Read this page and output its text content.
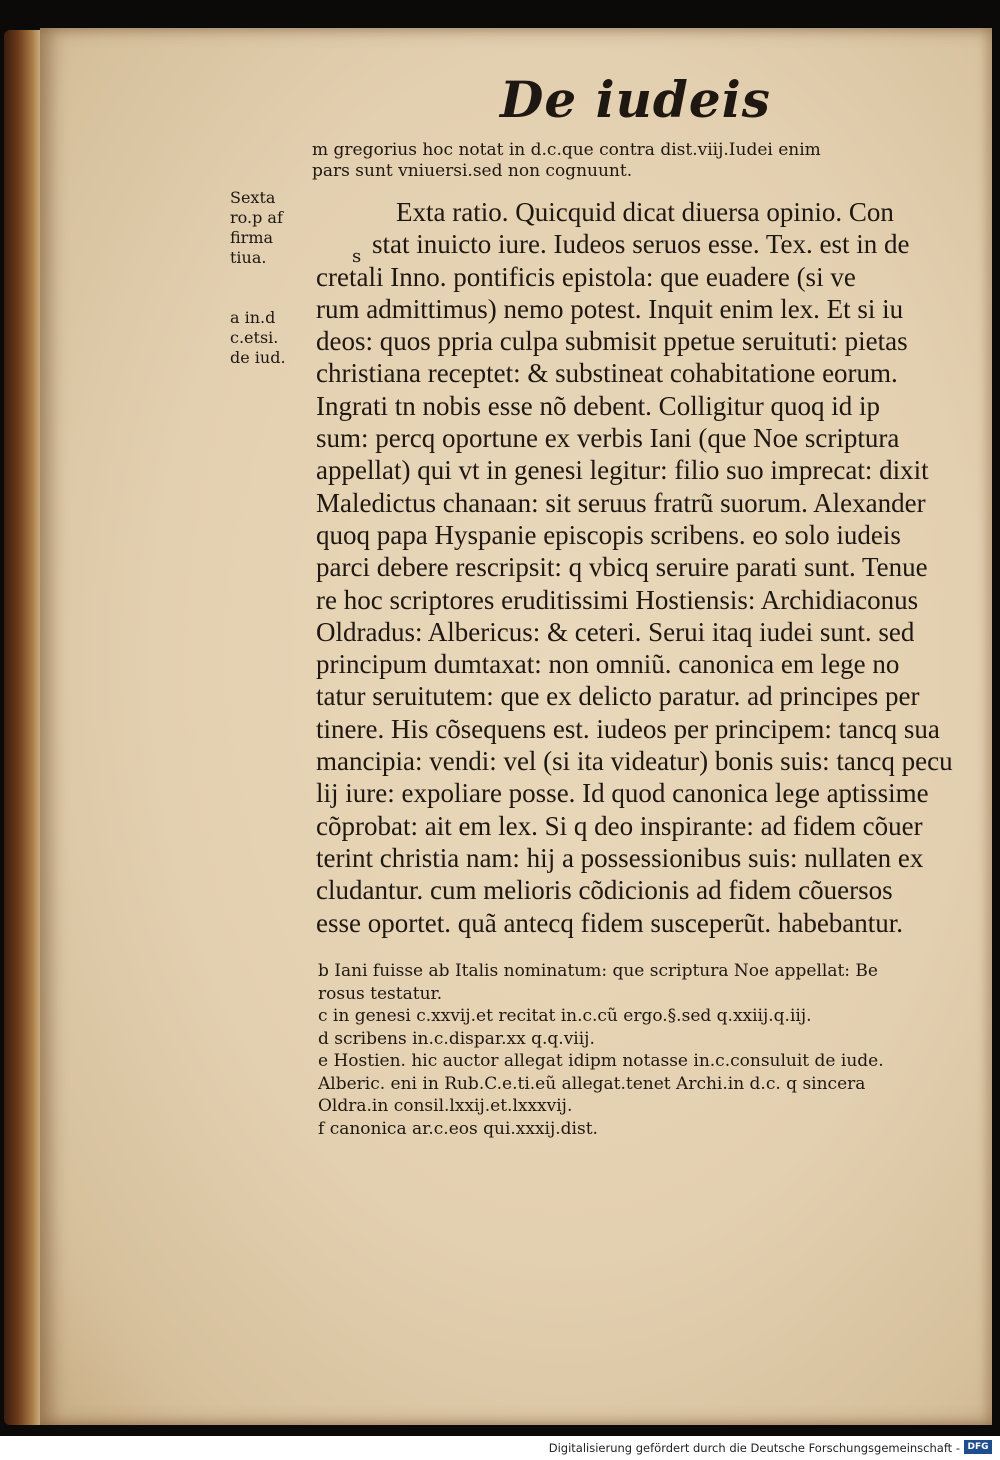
De iudeis
m gregorius hoc notat in d.c.que contra dist.viij.Iudei enim
pars sunt vniuersi.sed non cognuunt.
Sexta
ro.p af
firma
tiua.
a in.d
c.etsi.
de iud.
s
Exta ratio. Quicquid dicat diuersa opinio. Con
stat inuicto iure. Iudeos seruos esse. Tex. est in de
cretali Inno. pontificis epistola: que euadere (si ve
rum admittimus) nemo potest. Inquit enim lex. Et si iu
deos: quos ppria culpa submisit ppetue seruituti: pietas
christiana receptet: & substineat cohabitatione eorum.
Ingrati tn nobis esse nõ debent. Colligitur quoq id ip
sum: percq oportune ex verbis Iani (que Noe scriptura
appellat) qui vt in genesi legitur: filio suo imprecat: dixit
Maledictus chanaan: sit seruus fratrũ suorum. Alexander
quoq papa Hyspanie episcopis scribens. eo solo iudeis
parci debere rescripsit: q vbicq seruire parati sunt. Tenue
re hoc scriptores eruditissimi Hostiensis: Archidiaconus
Oldradus: Albericus: & ceteri. Serui itaq iudei sunt. sed
principum dumtaxat: non omniũ. canonica em lege no
tatur seruitutem: que ex delicto paratur. ad principes per
tinere. His cõsequens est. iudeos per principem: tancq sua
mancipia: vendi: vel (si ita videatur) bonis suis: tancq pecu
lij iure: expoliare posse. Id quod canonica lege aptissime
cõprobat: ait em lex. Si q deo inspirante: ad fidem cõuer
terint christia nam: hij a possessionibus suis: nullaten ex
cludantur. cum melioris cõdicionis ad fidem cõuersos
esse oportet. quã antecq fidem susceperũt. habebantur.
b Iani fuisse ab Italis nominatum: que scriptura Noe appellat: Be
rosus testatur.
c in genesi c.xxvij.et recitat in.c.cũ ergo.§.sed q.xxiij.q.iij.
d scribens in.c.dispar.xx q.q.viij.
e Hostien. hic auctor allegat idipm notasse in.c.consuluit de iude.
Alberic. eni in Rub.C.e.ti.eũ allegat.tenet Archi.in d.c. q sincera
Oldra.in consil.lxxij.et.lxxxvij.
f canonica ar.c.eos qui.xxxij.dist.
Digitalisierung gefördert durch die Deutsche Forschungsgemeinschaft - DFG
